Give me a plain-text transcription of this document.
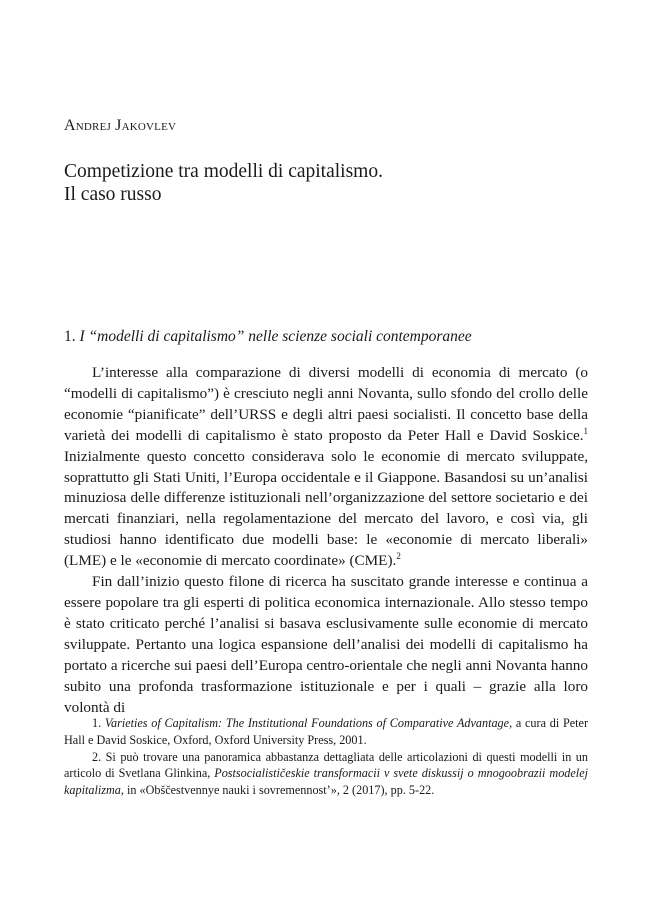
Andrej Jakovlev
Competizione tra modelli di capitalismo.
Il caso russo
1. I “modelli di capitalismo” nelle scienze sociali contemporanee

L’interesse alla comparazione di diversi modelli di economia di mercato (o “modelli di capitalismo”) è cresciuto negli anni Novanta, sullo sfondo del crollo delle economie “pianificate” dell’URSS e degli altri paesi socialisti. Il concetto base della varietà dei modelli di capitalismo è stato proposto da Peter Hall e David Soskice.$^1$ Inizialmente questo concetto considerava solo le economie di mercato sviluppate, soprattutto gli Stati Uniti, l’Europa occidentale e il Giappone. Basandosi su un’analisi minuziosa delle differenze istituzionali nell’organizzazione del settore societario e dei mercati finanziari, nella regolamentazione del mercato del lavoro, e così via, gli studiosi hanno identificato due modelli base: le «economie di mercato liberali» (LME) e le «economie di mercato coordinate» (CME).$^2$

Fin dall’inizio questo filone di ricerca ha suscitato grande interesse e continua a essere popolare tra gli esperti di politica economica internazionale. Allo stesso tempo è stato criticato perché l’analisi si basava esclusivamente sulle economie di mercato sviluppate. Pertanto una logica espansione dell’analisi dei modelli di capitalismo ha portato a ricerche sui paesi dell’Europa centro-orientale che negli anni Novanta hanno subito una profonda trasformazione istituzionale e per i quali – grazie alla loro volontà di

1. Varieties of Capitalism: The Institutional Foundations of Comparative Advantage, a cura di Peter Hall e David Soskice, Oxford, Oxford University Press, 2001.

2. Si può trovare una panoramica abbastanza dettagliata delle articolazioni di questi modelli in un articolo di Svetlana Glinkina, Postsocialističeskie transformacii v svete diskussij o mnogoobrazii modelej kapitalizma, in «Obščestvennye nauki i sovremennost’», 2 (2017), pp. 5-22.
